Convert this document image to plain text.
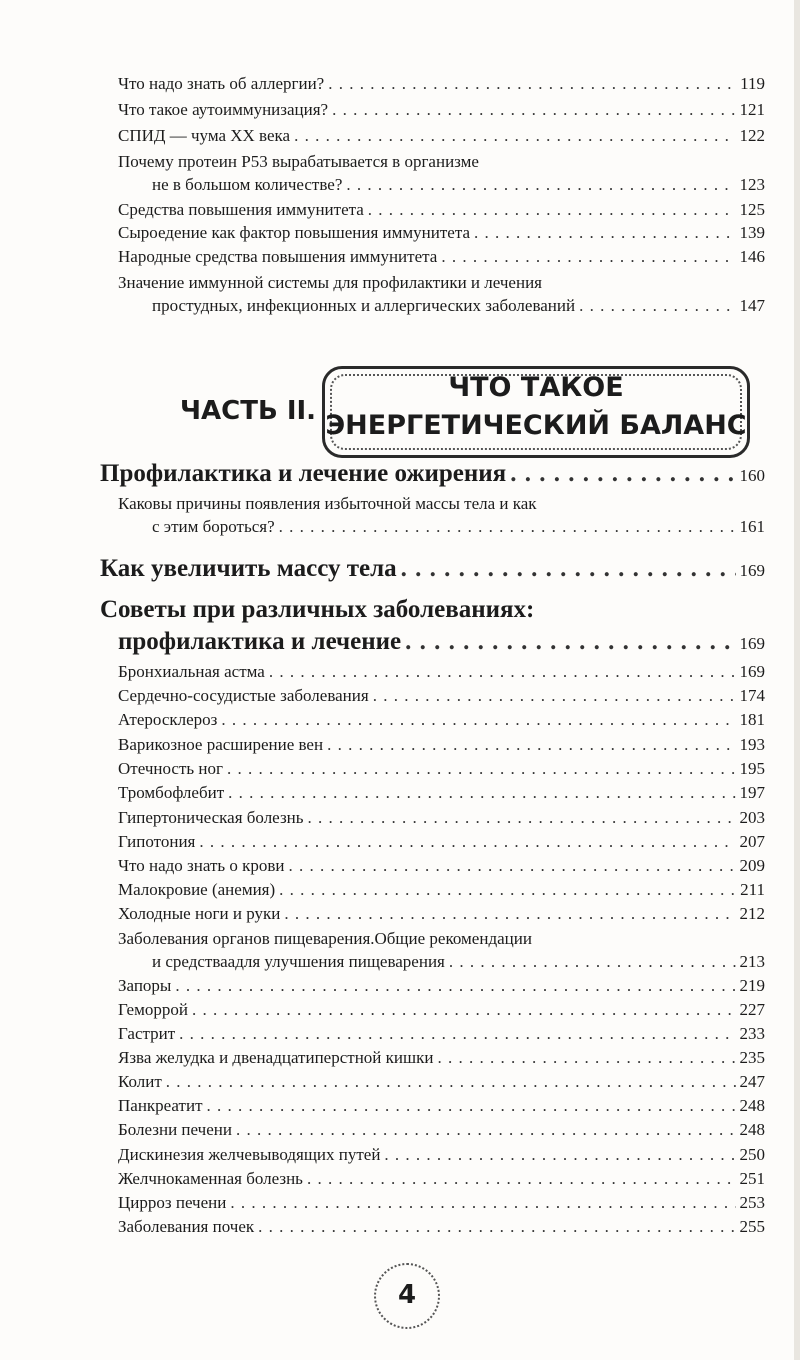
Что надо знать об аллергии? . . .	119
Что такое аутоиммунизация? . . .	121
СПИД — чума XX века . . .	122
Почему протеин Р53 вырабатывается в организме
не в большом количестве? . . .	123
Средства повышения иммунитета . . .	125
Сыроедение как фактор повышения иммунитета . . .	139
Народные средства повышения иммунитета . . .	146
Значение иммунной системы для профилактики и лечения
простудных, инфекционных и аллергических заболеваний . . .	147
ЧАСТЬ II.
ЧТО ТАКОЕ
ЭНЕРГЕТИЧЕСКИЙ БАЛАНС
Профилактика и лечение ожирения . . .	160
Каковы причины появления избыточной массы тела и как
с этим бороться? . . .	161
Как увеличить массу тела . . .	169
Советы при различных заболеваниях:
профилактика и лечение . . .	169
Бронхиальная астма . . .	169
Сердечно-сосудистые заболевания . . .	174
Атеросклероз . . .	181
Варикозное расширение вен . . .	193
Отечность ног . . .	195
Тромбофлебит . . .	197
Гипертоническая болезнь . . .	203
Гипотония . . .	207
Что надо знать о крови . . .	209
Малокровие (анемия) . . .	211
Холодные ноги и руки . . .	212
Заболевания органов пищеварения.Общие рекомендации
и средстваадля улучшения пищеварения . . .	213
Запоры . . .	219
Геморрой . . .	227
Гастрит . . .	233
Язва желудка и двенадцатиперстной кишки . . .	235
Колит . . .	247
Панкреатит . . .	248
Болезни печени . . .	248
Дискинезия желчевыводящих путей . . .	250
Желчнокаменная болезнь . . .	251
Цирроз печени . . .	253
Заболевания почек . . .	255
4
